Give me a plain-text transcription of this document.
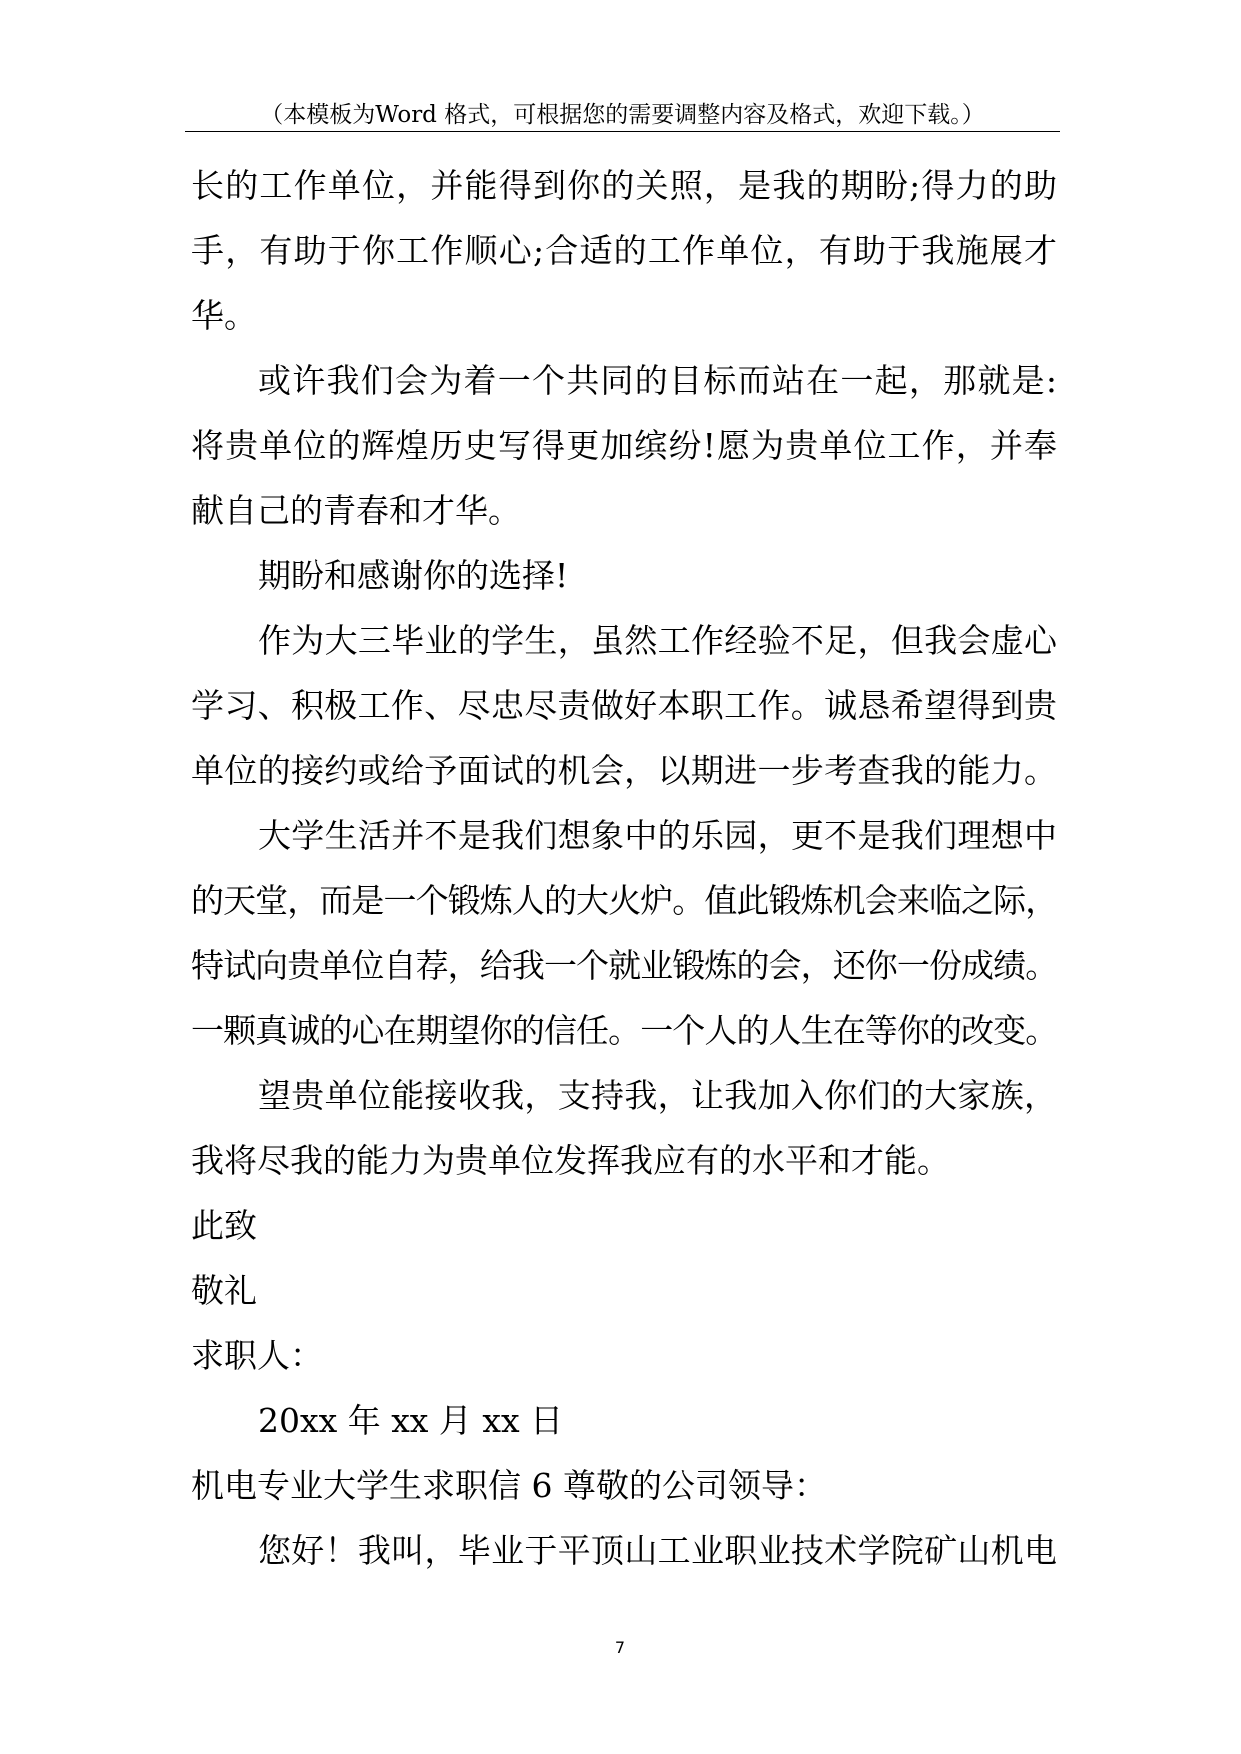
（本模板为Word 格式，可根据您的需要调整内容及格式，欢迎下载。）
长的工作单位，并能得到你的关照，是我的期盼;得力的助
手，有助于你工作顺心;合适的工作单位，有助于我施展才
华。
或许我们会为着一个共同的目标而站在一起，那就是:
将贵单位的辉煌历史写得更加缤纷!愿为贵单位工作，并奉
献自己的青春和才华。
期盼和感谢你的选择!
作为大三毕业的学生，虽然工作经验不足，但我会虚心
学习、积极工作、尽忠尽责做好本职工作。诚恳希望得到贵
单位的接约或给予面试的机会，以期进一步考查我的能力。
大学生活并不是我们想象中的乐园，更不是我们理想中
的天堂，而是一个锻炼人的大火炉。值此锻炼机会来临之际，
特试向贵单位自荐，给我一个就业锻炼的会，还你一份成绩。
一颗真诚的心在期望你的信任。一个人的人生在等你的改变。
望贵单位能接收我，支持我，让我加入你们的大家族，
我将尽我的能力为贵单位发挥我应有的水平和才能。
此致
敬礼
求职人：
20xx 年 xx 月 xx 日
机电专业大学生求职信 6 尊敬的公司领导：
您好！我叫，毕业于平顶山工业职业技术学院矿山机电
7
